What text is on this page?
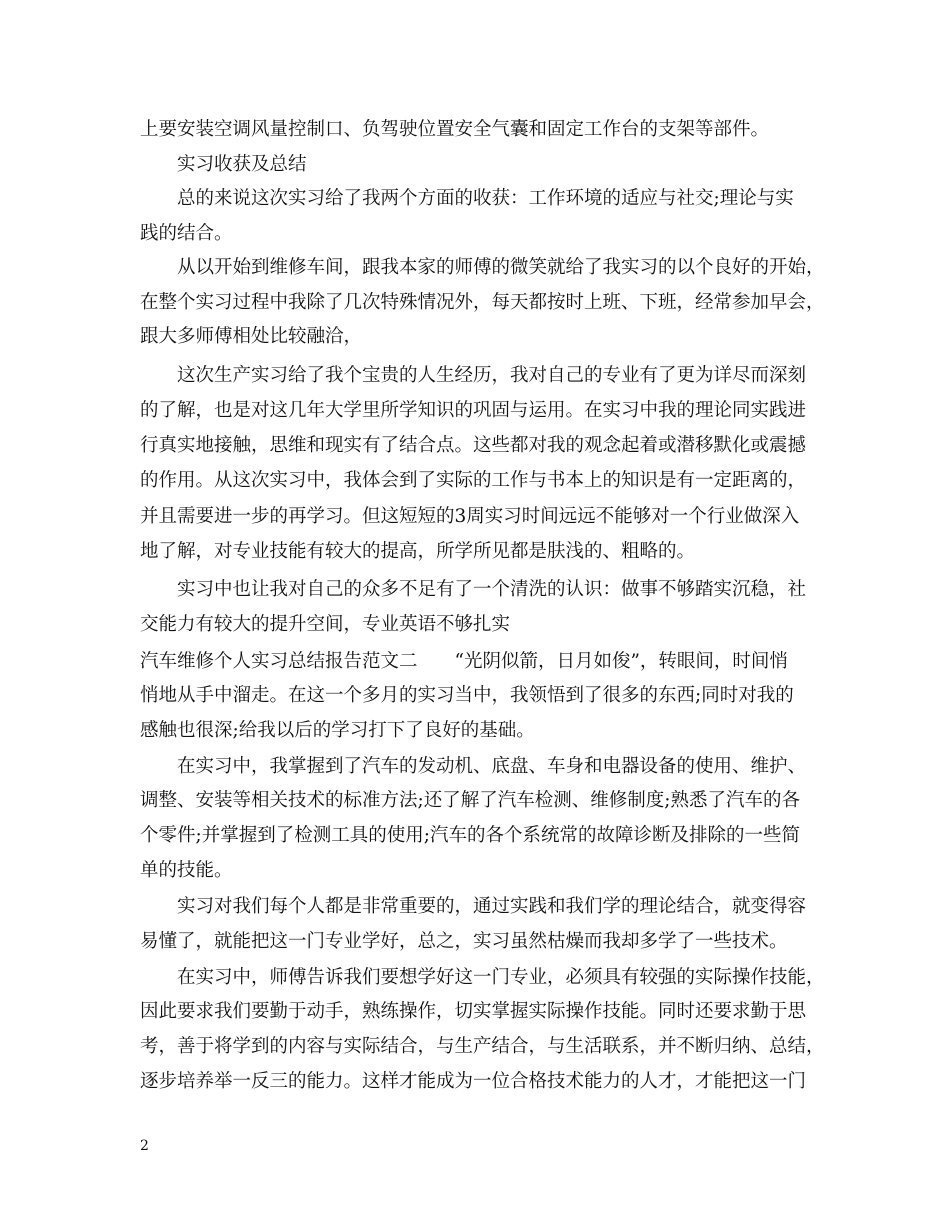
上要安装空调风量控制口、负驾驶位置安全气囊和固定工作台的支架等部件。
实习收获及总结
总的来说这次实习给了我两个方面的收获：工作环境的适应与社交;理论与实
践的结合。
从以开始到维修车间，跟我本家的师傅的微笑就给了我实习的以个良好的开始，
在整个实习过程中我除了几次特殊情况外，每天都按时上班、下班，经常参加早会，
跟大多师傅相处比较融洽，
这次生产实习给了我个宝贵的人生经历，我对自己的专业有了更为详尽而深刻
的了解，也是对这几年大学里所学知识的巩固与运用。在实习中我的理论同实践进
行真实地接触，思维和现实有了结合点。这些都对我的观念起着或潜移默化或震撼
的作用。从这次实习中，我体会到了实际的工作与书本上的知识是有一定距离的，
并且需要进一步的再学习。但这短短的3周实习时间远远不能够对一个行业做深入
地了解，对专业技能有较大的提高，所学所见都是肤浅的、粗略的。
实习中也让我对自己的众多不足有了一个清洗的认识：做事不够踏实沉稳，社
交能力有较大的提升空间，专业英语不够扎实
汽车维修个人实习总结报告范文二　　“光阴似箭，日月如俊”，转眼间，时间悄
悄地从手中溜走。在这一个多月的实习当中，我领悟到了很多的东西;同时对我的
感触也很深;给我以后的学习打下了良好的基础。
在实习中，我掌握到了汽车的发动机、底盘、车身和电器设备的使用、维护、
调整、安装等相关技术的标准方法;还了解了汽车检测、维修制度;熟悉了汽车的各
个零件;并掌握到了检测工具的使用;汽车的各个系统常的故障诊断及排除的一些简
单的技能。
实习对我们每个人都是非常重要的，通过实践和我们学的理论结合，就变得容
易懂了，就能把这一门专业学好，总之，实习虽然枯燥而我却多学了一些技术。
在实习中，师傅告诉我们要想学好这一门专业，必须具有较强的实际操作技能，
因此要求我们要勤于动手，熟练操作，切实掌握实际操作技能。同时还要求勤于思
考，善于将学到的内容与实际结合，与生产结合，与生活联系，并不断归纳、总结，
逐步培养举一反三的能力。这样才能成为一位合格技术能力的人才，才能把这一门
2
